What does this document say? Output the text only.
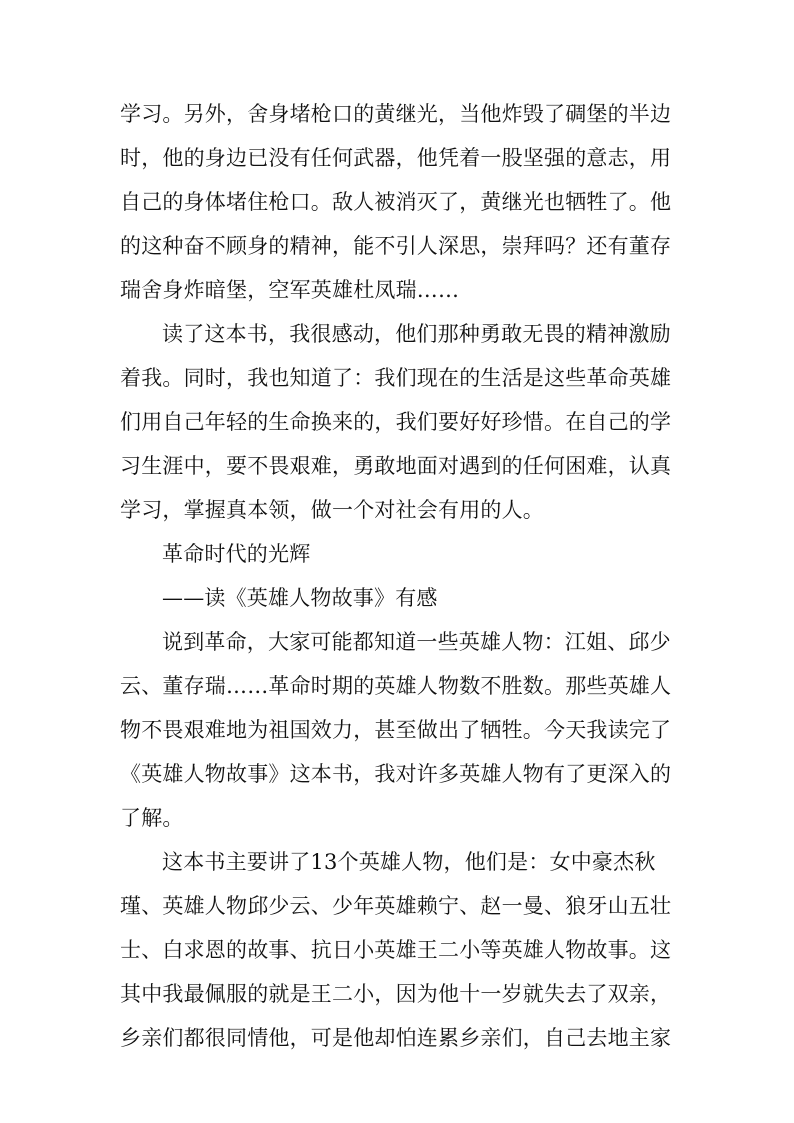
学习。另外，舍身堵枪口的黄继光，当他炸毁了碉堡的半边
时，他的身边已没有任何武器，他凭着一股坚强的意志，用
自己的身体堵住枪口。敌人被消灭了，黄继光也牺牲了。他
的这种奋不顾身的精神，能不引人深思，崇拜吗？还有董存
瑞舍身炸暗堡，空军英雄杜凤瑞……
读了这本书，我很感动，他们那种勇敢无畏的精神激励
着我。同时，我也知道了：我们现在的生活是这些革命英雄
们用自己年轻的生命换来的，我们要好好珍惜。在自己的学
习生涯中，要不畏艰难，勇敢地面对遇到的任何困难，认真
学习，掌握真本领，做一个对社会有用的人。
革命时代的光辉
——读《英雄人物故事》有感
说到革命，大家可能都知道一些英雄人物：江姐、邱少
云、董存瑞……革命时期的英雄人物数不胜数。那些英雄人
物不畏艰难地为祖国效力，甚至做出了牺牲。今天我读完了
《英雄人物故事》这本书，我对许多英雄人物有了更深入的
了解。
这本书主要讲了13个英雄人物，他们是：女中豪杰秋
瑾、英雄人物邱少云、少年英雄赖宁、赵一曼、狼牙山五壮
士、白求恩的故事、抗日小英雄王二小等英雄人物故事。这
其中我最佩服的就是王二小，因为他十一岁就失去了双亲，
乡亲们都很同情他，可是他却怕连累乡亲们，自己去地主家
